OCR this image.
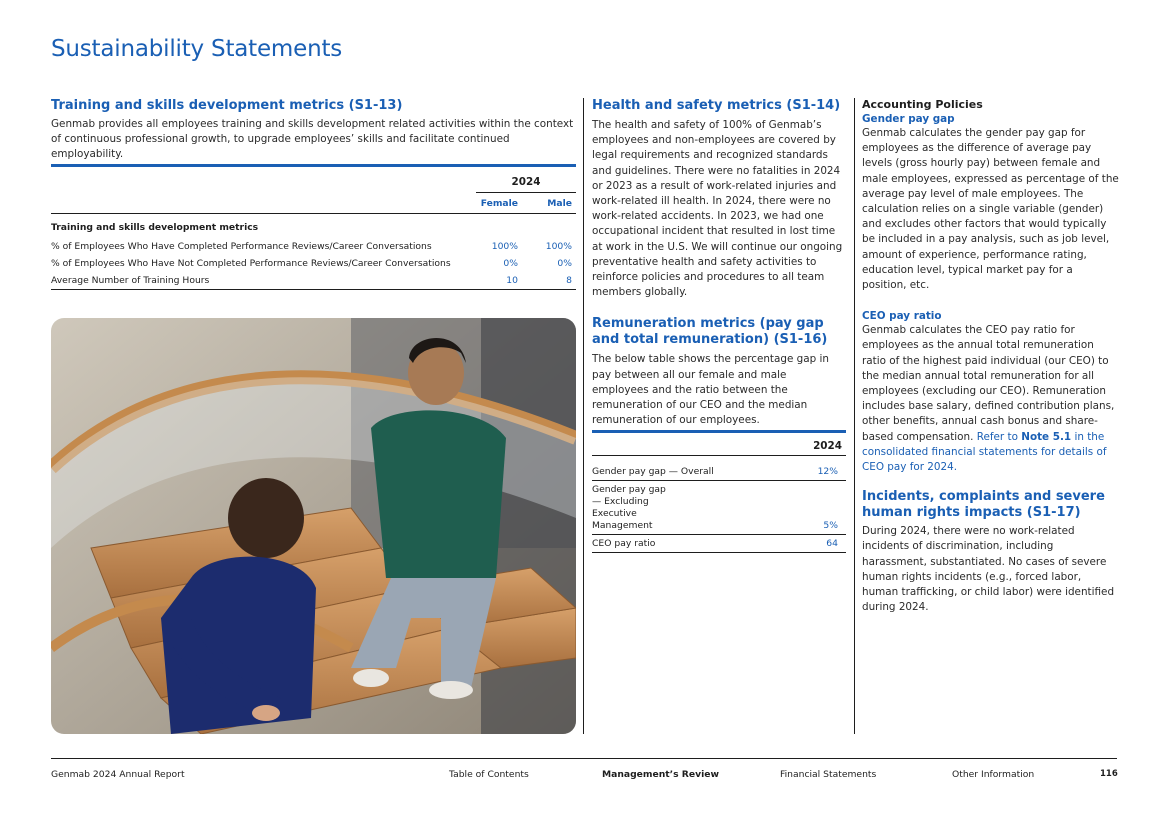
Sustainability Statements
Training and skills development metrics (S1-13)

Genmab provides all employees training and skills development related activities within the context of continuous professional growth, to upgrade employees’ skills and facilitate continued employability.

2024
Female	Male
Training and skills development metrics
% of Employees Who Have Completed Performance Reviews/Career Conversations	100%	100%
% of Employees Who Have Not Completed Performance Reviews/Career Conversations	0%	0%
Average Number of Training Hours	10	8
Health and safety metrics (S1-14)

The health and safety of 100% of Genmab’s employees and non-employees are covered by legal requirements and recognized standards and guidelines. There were no fatalities in 2024 or 2023 as a result of work-related injuries and work-related ill health. In 2024, there were no work-related accidents. In 2023, we had one occupational incident that resulted in lost time at work in the U.S. We will continue our ongoing preventative health and safety activities to reinforce policies and procedures to all team members globally.

Remuneration metrics (pay gap and total remuneration) (S1-16)

The below table shows the percentage gap in pay between all our female and male employees and the ratio between the remuneration of our CEO and the median remuneration of our employees.

2024
Gender pay gap — Overall	12%
Gender pay gap — Excluding Executive Management	5%
CEO pay ratio	64
Accounting Policies
Gender pay gap

Genmab calculates the gender pay gap for employees as the difference of average pay levels (gross hourly pay) between female and male employees, expressed as percentage of the average pay level of male employees. The calculation relies on a single variable (gender) and excludes other factors that would typically be included in a pay analysis, such as job level, amount of experience, performance rating, education level, typical market pay for a position, etc.

CEO pay ratio

Genmab calculates the CEO pay ratio for employees as the annual total remuneration ratio of the highest paid individual (our CEO) to the median annual total remuneration for all employees (excluding our CEO). Remuneration includes base salary, defined contribution plans, other benefits, annual cash bonus and share-based compensation. Refer to Note 5.1 in the consolidated financial statements for details of CEO pay for 2024.

Incidents, complaints and severe human rights impacts (S1-17)

During 2024, there were no work-related incidents of discrimination, including harassment, substantiated. No cases of severe human rights incidents (e.g., forced labor, human trafficking, or child labor) were identified during 2024.

Genmab 2024 Annual Report	Table of Contents	Management’s Review	Financial Statements	Other Information	116
